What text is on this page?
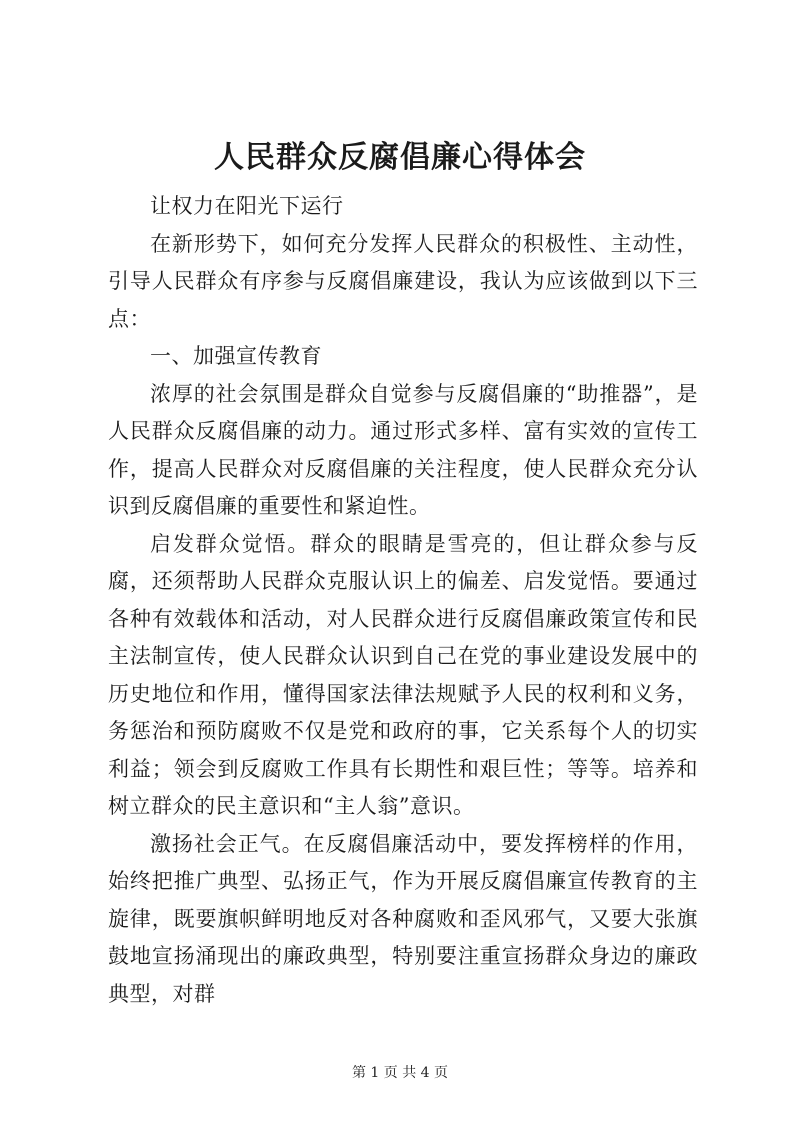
人民群众反腐倡廉心得体会

让权力在阳光下运行

在新形势下，如何充分发挥人民群众的积极性、主动性，引导人民群众有序参与反腐倡廉建设，我认为应该做到以下三点：

一、加强宣传教育

浓厚的社会氛围是群众自觉参与反腐倡廉的“助推器”，是人民群众反腐倡廉的动力。通过形式多样、富有实效的宣传工作，提高人民群众对反腐倡廉的关注程度，使人民群众充分认识到反腐倡廉的重要性和紧迫性。

启发群众觉悟。群众的眼睛是雪亮的，但让群众参与反腐，还须帮助人民群众克服认识上的偏差、启发觉悟。要通过各种有效载体和活动，对人民群众进行反腐倡廉政策宣传和民主法制宣传，使人民群众认识到自己在党的事业建设发展中的历史地位和作用，懂得国家法律法规赋予人民的权利和义务，务惩治和预防腐败不仅是党和政府的事，它关系每个人的切实利益；领会到反腐败工作具有长期性和艰巨性；等等。培养和树立群众的民主意识和“主人翁”意识。

激扬社会正气。在反腐倡廉活动中，要发挥榜样的作用，始终把推广典型、弘扬正气，作为开展反腐倡廉宣传教育的主旋律，既要旗帜鲜明地反对各种腐败和歪风邪气，又要大张旗鼓地宣扬涌现出的廉政典型，特别要注重宣扬群众身边的廉政典型，对群

第 1 页 共 4 页
